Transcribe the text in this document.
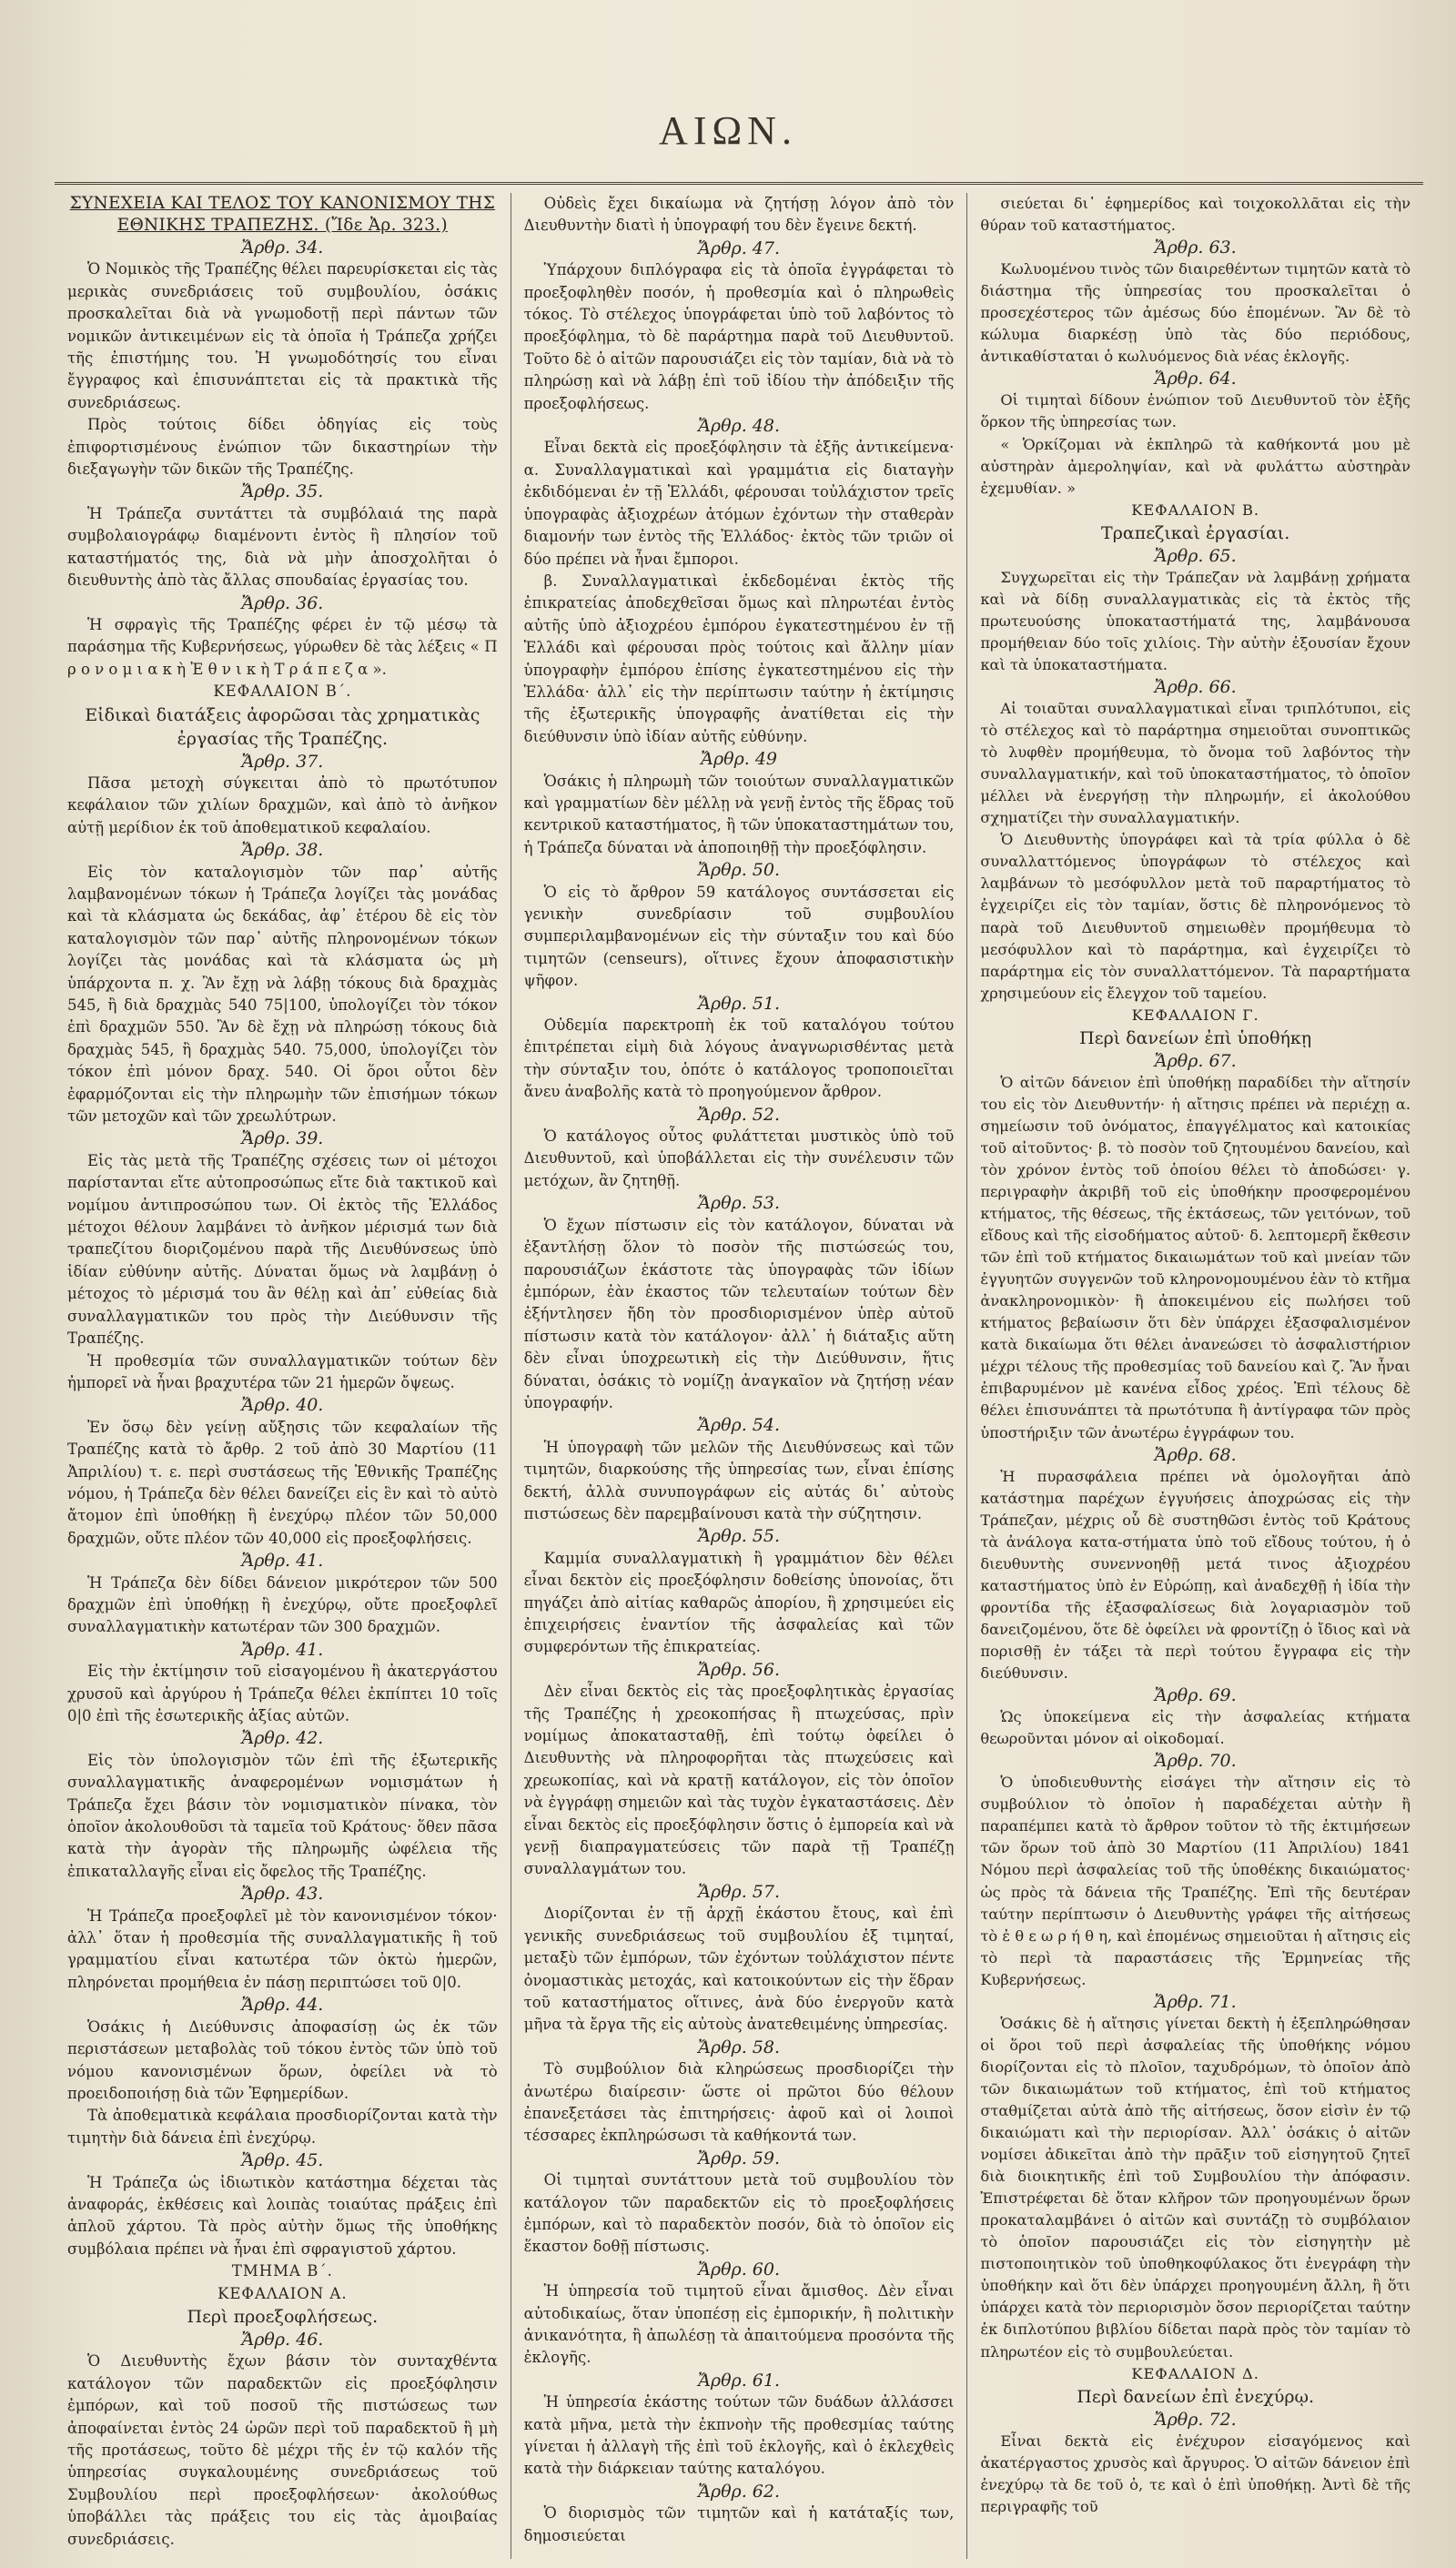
ΑΙΩΝ.

ΣΥΝΕΧΕΙΑ ΚΑΙ ΤΕΛΟΣ ΤΟΥ ΚΑΝΟΝΙΣΜΟΥ ΤΗΣ ΕΘΝΙΚΗΣ ΤΡΑΠΕΖΗΣ. (Ἴδε Ἀρ. 323.)

Ἄρθρ. 34.

Ὁ Νομικὸς τῆς Τραπέζης θέλει παρευρίσκεται εἰς τὰς μερικὰς συνεδριάσεις τοῦ συμβουλίου, ὁσάκις προσκαλεῖται διὰ νὰ γνωμοδοτῇ περὶ πάντων τῶν νομικῶν ἀντικειμένων εἰς τὰ ὁποῖα ἡ Τράπεζα χρήζει τῆς ἐπιστήμης του. Ἡ γνωμοδότησίς του εἶναι ἔγγραφος καὶ ἐπισυνάπτεται εἰς τὰ πρακτικὰ τῆς συνεδριάσεως.

Πρὸς τούτοις δίδει ὁδηγίας εἰς τοὺς ἐπιφορτισμένους ἐνώπιον τῶν δικαστηρίων τὴν διεξαγωγὴν τῶν δικῶν τῆς Τραπέζης.

Ἄρθρ. 35.

Ἡ Τράπεζα συντάττει τὰ συμβόλαιά της παρὰ συμβολαιογράφῳ διαμένοντι ἐντὸς ἢ πλησίον τοῦ καταστήματός της, διὰ νὰ μὴν ἀποσχολῆται ὁ διευθυντὴς ἀπὸ τὰς ἄλλας σπουδαίας ἐργασίας του.

Ἄρθρ. 36.

Ἡ σφραγὶς τῆς Τραπέζης φέρει ἐν τῷ μέσῳ τὰ παράσημα τῆς Κυβερνήσεως, γύρωθεν δὲ τὰς λέξεις « Π ρ ο ν ο μ ι α κ ὴ Ἐ θ ν ι κ ὴ Τ ρ ά π ε ζ α ».

ΚΕΦΑΛΑΙΟΝ Β΄.

Εἰδικαὶ διατάξεις ἀφορῶσαι τὰς χρηματικὰς ἐργασίας τῆς Τραπέζης.

Ἄρθρ. 37.

Πᾶσα μετοχὴ σύγκειται ἀπὸ τὸ πρωτότυπον κεφάλαιον τῶν χιλίων δραχμῶν, καὶ ἀπὸ τὸ ἀνῆκον αὐτῇ μερίδιον ἐκ τοῦ ἀποθεματικοῦ κεφαλαίου.

Ἄρθρ. 38.

Εἰς τὸν καταλογισμὸν τῶν παρ᾽ αὐτῆς λαμβανομένων τόκων ἡ Τράπεζα λογίζει τὰς μονάδας καὶ τὰ κλάσματα ὡς δεκάδας, ἀφ᾽ ἑτέρου δὲ εἰς τὸν καταλογισμὸν τῶν παρ᾽ αὐτῆς πληρονομένων τόκων λογίζει τὰς μονάδας καὶ τὰ κλάσματα ὡς μὴ ὑπάρχοντα π. χ. Ἂν ἔχῃ νὰ λάβῃ τόκους διὰ δραχμὰς 545, ἢ διὰ δραχμὰς 540 75|100, ὑπολογίζει τὸν τόκον ἐπὶ δραχμῶν 550. Ἂν δὲ ἔχῃ νὰ πληρώσῃ τόκους διὰ δραχμὰς 545, ἢ δραχμὰς 540. 75,000, ὑπολογίζει τὸν τόκον ἐπὶ μόνον δραχ. 540. Οἱ ὅροι οὗτοι δὲν ἐφαρμόζονται εἰς τὴν πληρωμὴν τῶν ἐπισήμων τόκων τῶν μετοχῶν καὶ τῶν χρεωλύτρων.

Ἄρθρ. 39.

Εἰς τὰς μετὰ τῆς Τραπέζης σχέσεις των οἱ μέτοχοι παρίστανται εἴτε αὐτοπροσώπως εἴτε διὰ τακτικοῦ καὶ νομίμου ἀντιπροσώπου των. Οἱ ἐκτὸς τῆς Ἑλλάδος μέτοχοι θέλουν λαμβάνει τὸ ἀνῆκον μέρισμά των διὰ τραπεζίτου διοριζομένου παρὰ τῆς Διευθύνσεως ὑπὸ ἰδίαν εὐθύνην αὐτῆς. Δύναται ὅμως νὰ λαμβάνῃ ὁ μέτοχος τὸ μέρισμά του ἂν θέλῃ καὶ ἀπ᾽ εὐθείας διὰ συναλλαγματικῶν του πρὸς τὴν Διεύθυνσιν τῆς Τραπέζης.

Ἡ προθεσμία τῶν συναλλαγματικῶν τούτων δὲν ἠμπορεῖ νὰ ἦναι βραχυτέρα τῶν 21 ἡμερῶν ὄψεως.

Ἄρθρ. 40.

Ἐν ὅσῳ δὲν γείνῃ αὔξησις τῶν κεφαλαίων τῆς Τραπέζης κατὰ τὸ ἄρθρ. 2 τοῦ ἀπὸ 30 Μαρτίου (11 Ἀπριλίου) τ. ε. περὶ συστάσεως τῆς Ἐθνικῆς Τραπέζης νόμου, ἡ Τράπεζα δὲν θέλει δανείζει εἰς ἓν καὶ τὸ αὐτὸ ἄτομον ἐπὶ ὑποθήκῃ ἢ ἐνεχύρῳ πλέον τῶν 50,000 δραχμῶν, οὔτε πλέον τῶν 40,000 εἰς προεξοφλήσεις.

Ἄρθρ. 41.

Ἡ Τράπεζα δὲν δίδει δάνειον μικρότερον τῶν 500 δραχμῶν ἐπὶ ὑποθήκῃ ἢ ἐνεχύρῳ, οὔτε προεξοφλεῖ συναλλαγματικὴν κατωτέραν τῶν 300 δραχμῶν.

Ἄρθρ. 41.

Εἰς τὴν ἐκτίμησιν τοῦ εἰσαγομένου ἢ ἀκατεργάστου χρυσοῦ καὶ ἀργύρου ἡ Τράπεζα θέλει ἐκπίπτει 10 τοῖς 0|0 ἐπὶ τῆς ἐσωτερικῆς ἀξίας αὐτῶν.

Ἄρθρ. 42.

Εἰς τὸν ὑπολογισμὸν τῶν ἐπὶ τῆς ἐξωτερικῆς συναλλαγματικῆς ἀναφερομένων νομισμάτων ἡ Τράπεζα ἔχει βάσιν τὸν νομισματικὸν πίνακα, τὸν ὁποῖον ἀκολουθοῦσι τὰ ταμεῖα τοῦ Κράτους· ὅθεν πᾶσα κατὰ τὴν ἀγορὰν τῆς πληρωμῆς ὠφέλεια τῆς ἐπικαταλλαγῆς εἶναι εἰς ὄφελος τῆς Τραπέζης.

Ἄρθρ. 43.

Ἡ Τράπεζα προεξοφλεῖ μὲ τὸν κανονισμένον τόκον· ἀλλ᾽ ὅταν ἡ προθεσμία τῆς συναλλαγματικῆς ἢ τοῦ γραμματίου εἶναι κατωτέρα τῶν ὀκτὼ ἡμερῶν, πληρόνεται προμήθεια ἐν πάσῃ περιπτώσει τοῦ 0|0.

Ἄρθρ. 44.

Ὁσάκις ἡ Διεύθυνσις ἀποφασίσῃ ὡς ἐκ τῶν περιστάσεων μεταβολὰς τοῦ τόκου ἐντὸς τῶν ὑπὸ τοῦ νόμου κανονισμένων ὅρων, ὀφείλει νὰ τὸ προειδοποιήσῃ διὰ τῶν Ἐφημερίδων.

Τὰ ἀποθεματικὰ κεφάλαια προσδιορίζονται κατὰ τὴν τιμητὴν διὰ δάνεια ἐπὶ ἐνεχύρῳ.

Ἄρθρ. 45.

Ἡ Τράπεζα ὡς ἰδιωτικὸν κατάστημα δέχεται τὰς ἀναφοράς, ἐκθέσεις καὶ λοιπὰς τοιαύτας πράξεις ἐπὶ ἁπλοῦ χάρτου. Τὰ πρὸς αὐτὴν ὅμως τῆς ὑποθήκης συμβόλαια πρέπει νὰ ἦναι ἐπὶ σφραγιστοῦ χάρτου.

ΤΜΗΜΑ Β΄.

ΚΕΦΑΛΑΙΟΝ Α.

Περὶ προεξοφλήσεως.

Ἄρθρ. 46.

Ὁ Διευθυντὴς ἔχων βάσιν τὸν συνταχθέντα κατάλογον τῶν παραδεκτῶν εἰς προεξόφλησιν ἐμπόρων, καὶ τοῦ ποσοῦ τῆς πιστώσεως των ἀποφαίνεται ἐντὸς 24 ὡρῶν περὶ τοῦ παραδεκτοῦ ἢ μὴ τῆς προτάσεως, τοῦτο δὲ μέχρι τῆς ἐν τῷ καλόν τῆς ὑπηρεσίας συγκαλουμένης συνεδριάσεως τοῦ Συμβουλίου περὶ προεξοφλήσεων· ἀκολούθως ὑποβάλλει τὰς πράξεις του εἰς τὰς ἀμοιβαίας συνεδριάσεις.

Οὐδεὶς ἔχει δικαίωμα νὰ ζητήσῃ λόγον ἀπὸ τὸν Διευθυντὴν διατὶ ἡ ὑπογραφή του δὲν ἔγεινε δεκτή.

Ἄρθρ. 47.

Ὑπάρχουν διπλόγραφα εἰς τὰ ὁποῖα ἐγγράφεται τὸ προεξοφληθὲν ποσόν, ἡ προθεσμία καὶ ὁ πληρωθεὶς τόκος. Τὸ στέλεχος ὑπογράφεται ὑπὸ τοῦ λαβόντος τὸ προεξόφλημα, τὸ δὲ παράρτημα παρὰ τοῦ Διευθυντοῦ. Τοῦτο δὲ ὁ αἰτῶν παρουσιάζει εἰς τὸν ταμίαν, διὰ νὰ τὸ πληρώσῃ καὶ νὰ λάβῃ ἐπὶ τοῦ ἰδίου τὴν ἀπόδειξιν τῆς προεξοφλήσεως.

Ἄρθρ. 48.

Εἶναι δεκτὰ εἰς προεξόφλησιν τὰ ἑξῆς ἀντικείμενα· α. Συναλλαγματικαὶ καὶ γραμμάτια εἰς διαταγὴν ἐκδιδόμεναι ἐν τῇ Ἑλλάδι, φέρουσαι τοὐλάχιστον τρεῖς ὑπογραφὰς ἀξιοχρέων ἀτόμων ἐχόντων τὴν σταθερὰν διαμονήν των ἐντὸς τῆς Ἑλλάδος· ἐκτὸς τῶν τριῶν οἱ δύο πρέπει νὰ ἦναι ἔμποροι.

β. Συναλλαγματικαὶ ἐκδεδομέναι ἐκτὸς τῆς ἐπικρατείας ἀποδεχθεῖσαι ὅμως καὶ πληρωτέαι ἐντὸς αὐτῆς ὑπὸ ἀξιοχρέου ἐμπόρου ἐγκατεστημένου ἐν τῇ Ἑλλάδι καὶ φέρουσαι πρὸς τούτοις καὶ ἄλλην μίαν ὑπογραφὴν ἐμπόρου ἐπίσης ἐγκατεστημένου εἰς τὴν Ἑλλάδα· ἀλλ᾽ εἰς τὴν περίπτωσιν ταύτην ἡ ἐκτίμησις τῆς ἐξωτερικῆς ὑπογραφῆς ἀνατίθεται εἰς τὴν διεύθυνσιν ὑπὸ ἰδίαν αὐτῆς εὐθύνην.

Ἄρθρ. 49

Ὁσάκις ἡ πληρωμὴ τῶν τοιούτων συναλλαγματικῶν καὶ γραμματίων δὲν μέλλῃ νὰ γενῇ ἐντὸς τῆς ἕδρας τοῦ κεντρικοῦ καταστήματος, ἢ τῶν ὑποκαταστημάτων του, ἡ Τράπεζα δύναται νὰ ἀποποιηθῇ τὴν προεξόφλησιν.

Ἄρθρ. 50.

Ὁ εἰς τὸ ἄρθρον 59 κατάλογος συντάσσεται εἰς γενικὴν συνεδρίασιν τοῦ συμβουλίου συμπεριλαμβανομένων εἰς τὴν σύνταξιν του καὶ δύο τιμητῶν (censeurs), οἵτινες ἔχουν ἀποφασιστικὴν ψῆφον.

Ἄρθρ. 51.

Οὐδεμία παρεκτροπὴ ἐκ τοῦ καταλόγου τούτου ἐπιτρέπεται εἰμὴ διὰ λόγους ἀναγνωρισθέντας μετὰ τὴν σύνταξιν του, ὁπότε ὁ κατάλογος τροποποιεῖται ἄνευ ἀναβολῆς κατὰ τὸ προηγούμενον ἄρθρον.

Ἄρθρ. 52.

Ὁ κατάλογος οὗτος φυλάττεται μυστικὸς ὑπὸ τοῦ Διευθυντοῦ, καὶ ὑποβάλλεται εἰς τὴν συνέλευσιν τῶν μετόχων, ἂν ζητηθῇ.

Ἄρθρ. 53.

Ὁ ἔχων πίστωσιν εἰς τὸν κατάλογον, δύναται νὰ ἐξαντλήσῃ ὅλον τὸ ποσὸν τῆς πιστώσεώς του, παρουσιάζων ἑκάστοτε τὰς ὑπογραφὰς τῶν ἰδίων ἐμπόρων, ἐὰν ἑκαστος τῶν τελευταίων τούτων δὲν ἐξήντλησεν ἤδη τὸν προσδιορισμένον ὑπὲρ αὐτοῦ πίστωσιν κατὰ τὸν κατάλογον· ἀλλ᾽ ἡ διάταξις αὕτη δὲν εἶναι ὑποχρεωτικὴ εἰς τὴν Διεύθυνσιν, ἥτις δύναται, ὁσάκις τὸ νομίζῃ ἀναγκαῖον νὰ ζητήσῃ νέαν ὑπογραφήν.

Ἄρθρ. 54.

Ἡ ὑπογραφὴ τῶν μελῶν τῆς Διευθύνσεως καὶ τῶν τιμητῶν, διαρκούσης τῆς ὑπηρεσίας των, εἶναι ἐπίσης δεκτή, ἀλλὰ συνυπογράφων εἰς αὐτάς δι᾽ αὐτοὺς πιστώσεως δὲν παρεμβαίνουσι κατὰ τὴν σύζητησιν.

Ἄρθρ. 55.

Καμμία συναλλαγματικὴ ἢ γραμμάτιον δὲν θέλει εἶναι δεκτὸν εἰς προεξόφλησιν δοθείσης ὑπονοίας, ὅτι πηγάζει ἀπὸ αἰτίας καθαρῶς ἀπορίου, ἢ χρησιμεύει εἰς ἐπιχειρήσεις ἐναντίον τῆς ἀσφαλείας καὶ τῶν συμφερόντων τῆς ἐπικρατείας.

Ἄρθρ. 56.

Δὲν εἶναι δεκτὸς εἰς τὰς προεξοφλητικὰς ἐργασίας τῆς Τραπέζης ἡ χρεοκοπήσας ἢ πτωχεύσας, πρὶν νομίμως ἀποκατασταθῇ, ἐπὶ τούτῳ ὀφείλει ὁ Διευθυντὴς νὰ πληροφορῆται τὰς πτωχεύσεις καὶ χρεωκοπίας, καὶ νὰ κρατῇ κατάλογον, εἰς τὸν ὁποῖον νὰ ἐγγράφῃ σημειῶν καὶ τὰς τυχὸν ἐγκαταστάσεις. Δὲν εἶναι δεκτὸς εἰς προεξόφλησιν ὅστις ὁ ἐμπορεία καὶ νὰ γενῇ διαπραγματεύσεις τῶν παρὰ τῇ Τραπέζῃ συναλλαγμάτων του.

Ἄρθρ. 57.

Διορίζονται ἐν τῇ ἀρχῇ ἑκάστου ἔτους, καὶ ἐπὶ γενικῆς συνεδριάσεως τοῦ συμβουλίου ἐξ τιμηταί, μεταξὺ τῶν ἐμπόρων, τῶν ἐχόντων τοὐλάχιστον πέντε ὀνομαστικὰς μετοχάς, καὶ κατοικούντων εἰς τὴν ἕδραν τοῦ καταστήματος οἵτινες, ἀνὰ δύο ἐνεργοῦν κατὰ μῆνα τὰ ἔργα τῆς εἰς αὐτοὺς ἀνατεθειμένης ὑπηρεσίας.

Ἄρθρ. 58.

Τὸ συμβούλιον διὰ κληρώσεως προσδιορίζει τὴν ἀνωτέρω διαίρεσιν· ὥστε οἱ πρῶτοι δύο θέλουν ἐπανεξετάσει τὰς ἐπιτηρήσεις· ἀφοῦ καὶ οἱ λοιποὶ τέσσαρες ἐκπληρώσωσι τὰ καθήκοντά των.

Ἄρθρ. 59.

Οἱ τιμηταὶ συντάττουν μετὰ τοῦ συμβουλίου τὸν κατάλογον τῶν παραδεκτῶν εἰς τὸ προεξοφλήσεις ἐμπόρων, καὶ τὸ παραδεκτὸν ποσόν, διὰ τὸ ὁποῖον εἰς ἕκαστον δοθῇ πίστωσις.

Ἄρθρ. 60.

Ἡ ὑπηρεσία τοῦ τιμητοῦ εἶναι ἄμισθος. Δὲν εἶναι αὐτοδικαίως, ὅταν ὑποπέσῃ εἰς ἐμπορικήν, ἢ πολιτικὴν ἀνικανότητα, ἢ ἀπωλέσῃ τὰ ἀπαιτούμενα προσόντα τῆς ἐκλογῆς.

Ἄρθρ. 61.

Ἡ ὑπηρεσία ἑκάστης τούτων τῶν δυάδων ἀλλάσσει κατὰ μῆνα, μετὰ τὴν ἐκπνοὴν τῆς προθεσμίας ταύτης γίνεται ἡ ἀλλαγὴ τῆς ἐπὶ τοῦ ἐκλογῆς, καὶ ὁ ἐκλεχθεὶς κατὰ τὴν διάρκειαν ταύτης καταλόγου.

Ἄρθρ. 62.

Ὁ διορισμὸς τῶν τιμητῶν καὶ ἡ κατάταξίς των, δημοσιεύεται

σιεύεται δι᾽ ἐφημερίδος καὶ τοιχοκολλᾶται εἰς τὴν θύραν τοῦ καταστήματος.

Ἄρθρ. 63.

Κωλυομένου τινὸς τῶν διαιρεθέντων τιμητῶν κατὰ τὸ διάστημα τῆς ὑπηρεσίας του προσκαλεῖται ὁ προσεχέστερος τῶν ἀμέσως δύο ἑπομένων. Ἂν δὲ τὸ κώλυμα διαρκέσῃ ὑπὸ τὰς δύο περιόδους, ἀντικαθίσταται ὁ κωλυόμενος διὰ νέας ἐκλογῆς.

Ἄρθρ. 64.

Οἱ τιμηταὶ δίδουν ἐνώπιον τοῦ Διευθυντοῦ τὸν ἑξῆς ὅρκον τῆς ὑπηρεσίας των.

« Ὁρκίζομαι νὰ ἐκπληρῶ τὰ καθήκοντά μου μὲ αὐστηρὰν ἀμεροληψίαν, καὶ νὰ φυλάττω αὐστηρὰν ἐχεμυθίαν. »

ΚΕΦΑΛΑΙΟΝ Β.

Τραπεζικαὶ ἐργασίαι.

Ἄρθρ. 65.

Συγχωρεῖται εἰς τὴν Τράπεζαν νὰ λαμβάνῃ χρήματα καὶ νὰ δίδῃ συναλλαγματικὰς εἰς τὰ ἐκτὸς τῆς πρωτευούσης ὑποκαταστήματά της, λαμβάνουσα προμήθειαν δύο τοῖς χιλίοις. Τὴν αὐτὴν ἐξουσίαν ἔχουν καὶ τὰ ὑποκαταστήματα.

Ἄρθρ. 66.

Αἱ τοιαῦται συναλλαγματικαὶ εἶναι τριπλότυποι, εἰς τὸ στέλεχος καὶ τὸ παράρτημα σημειοῦται συνοπτικῶς τὸ λυφθὲν προμήθευμα, τὸ ὄνομα τοῦ λαβόντος τὴν συναλλαγματικήν, καὶ τοῦ ὑποκαταστήματος, τὸ ὁποῖον μέλλει νὰ ἐνεργήσῃ τὴν πληρωμήν, εἰ ἀκολούθου σχηματίζει τὴν συναλλαγματικήν.

Ὁ Διευθυντὴς ὑπογράφει καὶ τὰ τρία φύλλα ὁ δὲ συναλλαττόμενος ὑπογράφων τὸ στέλεχος καὶ λαμβάνων τὸ μεσόφυλλον μετὰ τοῦ παραρτήματος τὸ ἐγχειρίζει εἰς τὸν ταμίαν, ὅστις δὲ πληρονόμενος τὸ παρὰ τοῦ Διευθυντοῦ σημειωθὲν προμήθευμα τὸ μεσόφυλλον καὶ τὸ παράρτημα, καὶ ἐγχειρίζει τὸ παράρτημα εἰς τὸν συναλλαττόμενον. Τὰ παραρτήματα χρησιμεύουν εἰς ἔλεγχον τοῦ ταμείου.

ΚΕΦΑΛΑΙΟΝ Γ.

Περὶ δανείων ἐπὶ ὑποθήκῃ

Ἄρθρ. 67.

Ὁ αἰτῶν δάνειον ἐπὶ ὑποθήκῃ παραδίδει τὴν αἴτησίν του εἰς τὸν Διευθυντήν· ἡ αἴτησις πρέπει νὰ περιέχῃ α. σημείωσιν τοῦ ὀνόματος, ἐπαγγέλματος καὶ κατοικίας τοῦ αἰτοῦντος· β. τὸ ποσὸν τοῦ ζητουμένου δανείου, καὶ τὸν χρόνον ἐντὸς τοῦ ὁποίου θέλει τὸ ἀποδώσει· γ. περιγραφὴν ἀκριβῆ τοῦ εἰς ὑποθήκην προσφερομένου κτήματος, τῆς θέσεως, τῆς ἐκτάσεως, τῶν γειτόνων, τοῦ εἴδους καὶ τῆς εἰσοδήματος αὐτοῦ· δ. λεπτομερῆ ἔκθεσιν τῶν ἐπὶ τοῦ κτήματος δικαιωμάτων τοῦ καὶ μνείαν τῶν ἐγγυητῶν συγγενῶν τοῦ κληρονομουμένου ἐὰν τὸ κτῆμα ἀνακληρονομικὸν· ἢ ἀποκειμένου εἰς πωλήσει τοῦ κτήματος βεβαίωσιν ὅτι δὲν ὑπάρχει ἐξασφαλισμένον κατὰ δικαίωμα ὅτι θέλει ἀνανεώσει τὸ ἀσφαλιστήριον μέχρι τέλους τῆς προθεσμίας τοῦ δανείου καὶ ζ. Ἂν ἦναι ἐπιβαρυμένον μὲ κανένα εἶδος χρέος. Ἐπὶ τέλους δὲ θέλει ἐπισυνάπτει τὰ πρωτότυπα ἢ ἀντίγραφα τῶν πρὸς ὑποστήριξιν τῶν ἀνωτέρω ἐγγράφων του.

Ἄρθρ. 68.

Ἡ πυρασφάλεια πρέπει νὰ ὁμολογῆται ἀπὸ κατάστημα παρέχων ἐγγυήσεις ἀποχρώσας εἰς τὴν Τράπεζαν, μέχρις οὗ δὲ συστηθῶσι ἐντὸς τοῦ Κράτους τὰ ἀνάλογα κατα-στήματα ὑπὸ τοῦ εἴδους τούτου, ἡ ὁ διευθυντὴς συνεννοηθῇ μετά τινος ἀξιοχρέου καταστήματος ὑπὸ ἐν Εὐρώπῃ, καὶ ἀναδεχθῇ ἡ ἰδία τὴν φροντίδα τῆς ἐξασφαλίσεως διὰ λογαριασμὸν τοῦ δανειζομένου, ὅτε δὲ ὀφείλει νὰ φροντίζῃ ὁ ἴδιος καὶ νὰ πορισθῇ ἐν τάξει τὰ περὶ τούτου ἔγγραφα εἰς τὴν διεύθυνσιν.

Ἄρθρ. 69.

Ὡς ὑποκείμενα εἰς τὴν ἀσφαλείας κτήματα θεωροῦνται μόνον αἱ οἰκοδομαί.

Ἄρθρ. 70.

Ὁ ὑποδιευθυντὴς εἰσάγει τὴν αἴτησιν εἰς τὸ συμβούλιον τὸ ὁποῖον ἡ παραδέχεται αὐτὴν ἢ παραπέμπει κατὰ τὸ ἄρθρον τοῦτον τὸ τῆς ἐκτιμήσεων τῶν ὅρων τοῦ ἀπὸ 30 Μαρτίου (11 Ἀπριλίου) 1841 Νόμου περὶ ἀσφαλείας τοῦ τῆς ὑποθέκης δικαιώματος· ὡς πρὸς τὰ δάνεια τῆς Τραπέζης. Ἐπὶ τῆς δευτέραν ταύτην περίπτωσιν ὁ Διευθυντὴς γράφει τῆς αἰτήσεως τὸ ἐ θ ε ω ρ ή θ η, καὶ ἐπομένως σημειοῦται ἡ αἴτησις εἰς τὸ περὶ τὰ παραστάσεις τῆς Ἐρμηνείας τῆς Κυβερνήσεως.

Ἄρθρ. 71.

Ὁσάκις δὲ ἡ αἴτησις γίνεται δεκτὴ ἡ ἐξεπληρώθησαν οἱ ὅροι τοῦ περὶ ἀσφαλείας τῆς ὑποθήκης νόμου διορίζονται εἰς τὸ πλοῖον, ταχυδρόμων, τὸ ὁποῖον ἀπὸ τῶν δικαιωμάτων τοῦ κτήματος, ἐπὶ τοῦ κτήματος σταθμίζεται αὐτὰ ἀπὸ τῆς αἰτήσεως, ὅσον εἰσὶν ἐν τῷ δικαιώματι καὶ τὴν περιορίσαν. Ἀλλ᾽ ὁσάκις ὁ αἰτῶν νομίσει ἀδικεῖται ἀπὸ τὴν πρᾶξιν τοῦ εἰσηγητοῦ ζητεῖ διὰ διοικητικῆς ἐπὶ τοῦ Συμβουλίου τὴν ἀπόφασιν. Ἐπιστρέφεται δὲ ὅταν κλῆρον τῶν προηγουμένων ὅρων προκαταλαμβάνει ὁ αἰτῶν καὶ συντάζῃ τὸ συμβόλαιον τὸ ὁποῖον παρουσιάζει εἰς τὸν εἰσηγητὴν μὲ πιστοποιητικὸν τοῦ ὑποθηκοφύλακος ὅτι ἐνεγράφη τὴν ὑποθήκην καὶ ὅτι δὲν ὑπάρχει προηγουμένη ἄλλη, ἢ ὅτι ὑπάρχει κατὰ τὸν περιορισμὸν ὅσον περιορίζεται ταύτην ἐκ διπλοτύπου βιβλίου δίδεται παρὰ πρὸς τὸν ταμίαν τὸ πληρωτέον εἰς τὸ συμβουλεύεται.

ΚΕΦΑΛΑΙΟΝ Δ.

Περὶ δανείων ἐπὶ ἐνεχύρῳ.

Ἄρθρ. 72.

Εἶναι δεκτὰ εἰς ἐνέχυρον εἰσαγόμενος καὶ ἀκατέργαστος χρυσὸς καὶ ἄργυρος. Ὁ αἰτῶν δάνειον ἐπὶ ἐνεχύρῳ τὰ δε τοῦ ὁ, τε καὶ ὁ ἐπὶ ὑποθήκῃ. Ἀντὶ δὲ τῆς περιγραφῆς τοῦ
